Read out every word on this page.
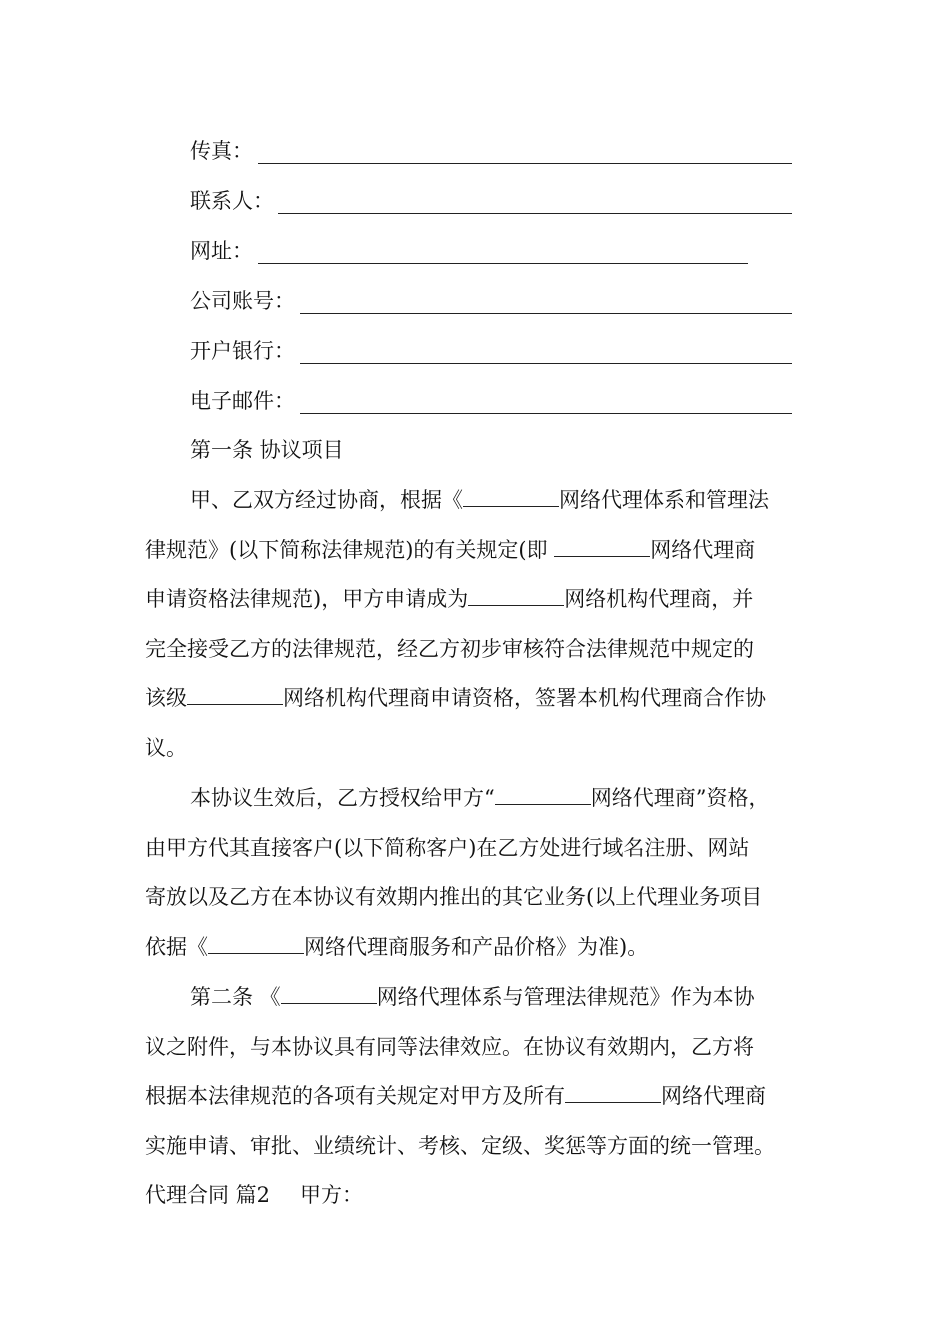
传真：
联系人：
网址：
公司账号：
开户银行：
电子邮件：
第一条 协议项目
甲、乙双方经过协商，根据《	网络代理体系和管理法
律规范》(以下简称法律规范)的有关规定(即	网络代理商
申请资格法律规范)，甲方申请成为	网络机构代理商，并
完全接受乙方的法律规范，经乙方初步审核符合法律规范中规定的
该级	网络机构代理商申请资格，签署本机构代理商合作协
议。
本协议生效后，乙方授权给甲方“	网络代理商”资格，
由甲方代其直接客户(以下简称客户)在乙方处进行域名注册、网站
寄放以及乙方在本协议有效期内推出的其它业务(以上代理业务项目
依据《	网络代理商服务和产品价格》为准)。
第二条 《	网络代理体系与管理法律规范》作为本协
议之附件，与本协议具有同等法律效应。在协议有效期内，乙方将
根据本法律规范的各项有关规定对甲方及所有	网络代理商
实施申请、审批、业绩统计、考核、定级、奖惩等方面的统一管理。
代理合同 篇2 甲方：
